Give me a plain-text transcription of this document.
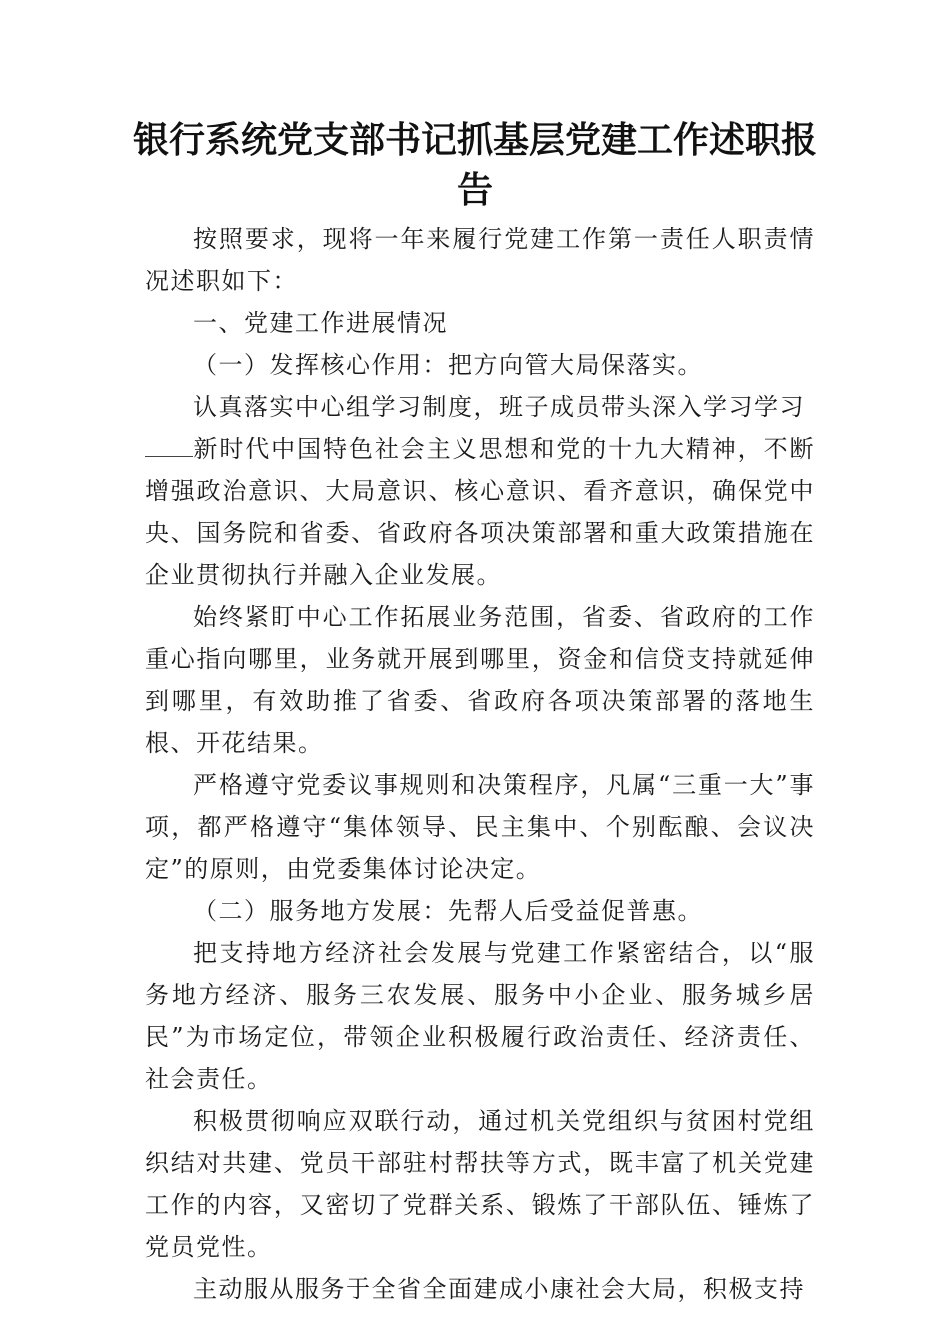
银行系统党支部书记抓基层党建工作述职报
告

按照要求，现将一年来履行党建工作第一责任人职责情况述职如下：

一、党建工作进展情况

（一）发挥核心作用：把方向管大局保落实。

认真落实中心组学习制度，班子成员带头深入学习学习
新时代中国特色社会主义思想和党的十九大精神，不断增强政治意识、大局意识、核心意识、看齐意识，确保党中央、国务院和省委、省政府各项决策部署和重大政策措施在企业贯彻执行并融入企业发展。

始终紧盯中心工作拓展业务范围，省委、省政府的工作重心指向哪里，业务就开展到哪里，资金和信贷支持就延伸到哪里，有效助推了省委、省政府各项决策部署的落地生根、开花结果。

严格遵守党委议事规则和决策程序，凡属“三重一大”事项，都严格遵守“集体领导、民主集中、个别酝酿、会议决定”的原则，由党委集体讨论决定。

（二）服务地方发展：先帮人后受益促普惠。

把支持地方经济社会发展与党建工作紧密结合，以“服务地方经济、服务三农发展、服务中小企业、服务城乡居民”为市场定位，带领企业积极履行政治责任、经济责任、社会责任。

积极贯彻响应双联行动，通过机关党组织与贫困村党组织结对共建、党员干部驻村帮扶等方式，既丰富了机关党建工作的内容，又密切了党群关系、锻炼了干部队伍、锤炼了党员党性。

主动服从服务于全省全面建成小康社会大局，积极支持
